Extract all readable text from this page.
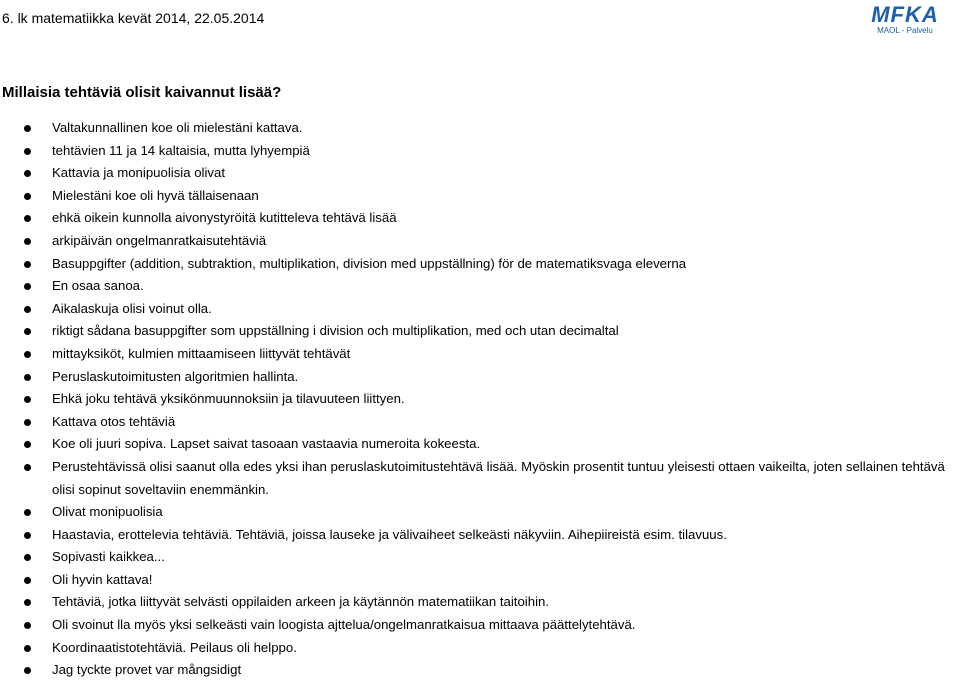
6. lk matematiikka kevät 2014, 22.05.2014	MFKA
MAOL - Palvelu
Millaisia tehtäviä olisit kaivannut lisää?
Valtakunnallinen koe oli mielestäni kattava.
tehtävien 11 ja 14 kaltaisia, mutta lyhyempiä
Kattavia ja monipuolisia olivat
Mielestäni koe oli hyvä tällaisenaan
ehkä oikein kunnolla aivonystyröitä kutitteleva tehtävä lisää
arkipäivän ongelmanratkaisutehtäviä
Basuppgifter (addition, subtraktion, multiplikation, division med uppställning) för de matematiksvaga eleverna
En osaa sanoa.
Aikalaskuja olisi voinut olla.
riktigt sådana basuppgifter som uppställning i division och multiplikation, med och utan decimaltal
mittayksiköt, kulmien mittaamiseen liittyvät tehtävät
Peruslaskutoimitusten algoritmien hallinta.
Ehkä joku tehtävä yksikönmuunnoksiin ja tilavuuteen liittyen.
Kattava otos tehtäviä
Koe oli juuri sopiva. Lapset saivat tasoaan vastaavia numeroita kokeesta.
Perustehtävissä olisi saanut olla edes yksi ihan peruslaskutoimitustehtävä lisää. Myöskin prosentit tuntuu yleisesti ottaen vaikeilta, joten sellainen tehtävä olisi sopinut soveltaviin enemmänkin.
Olivat monipuolisia
Haastavia, erottelevia tehtäviä. Tehtäviä, joissa lauseke ja välivaiheet selkeästi näkyviin. Aihepiireistä esim. tilavuus.
Sopivasti kaikkea...
Oli hyvin kattava!
Tehtäviä, jotka liittyvät selvästi oppilaiden arkeen ja käytännön matematiikan taitoihin.
Oli svoinut lla myös yksi selkeästi vain loogista ajttelua/ongelmanratkaisua mittaava päättelytehtävä.
Koordinaatistotehtäviä. Peilaus oli helppo.
Jag tyckte provet var mångsidigt
